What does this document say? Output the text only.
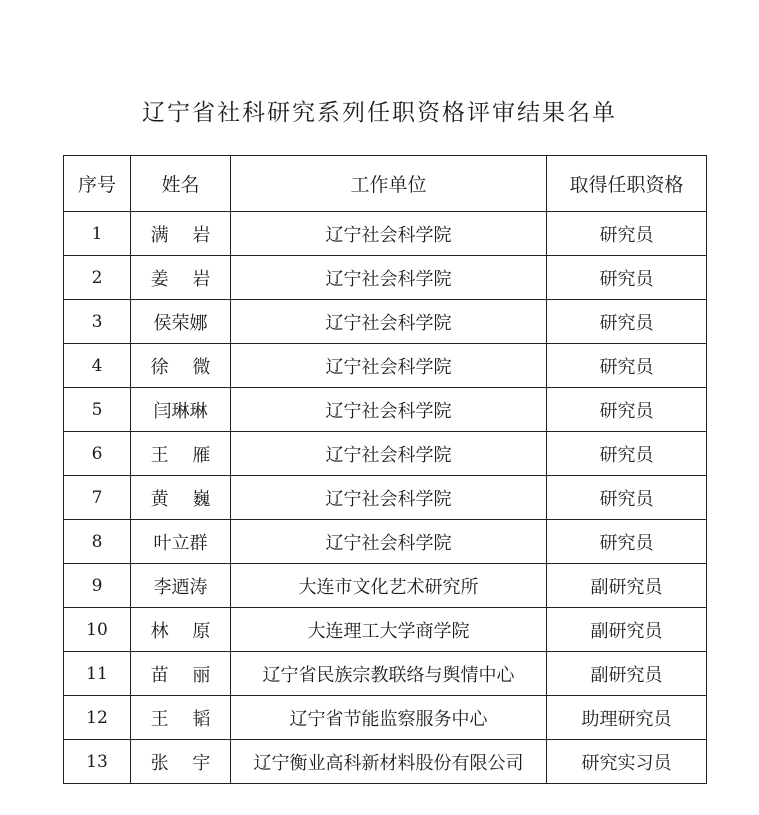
辽宁省社科研究系列任职资格评审结果名单
序号	姓名	工作单位	取得任职资格
1	满 岩	辽宁社会科学院	研究员
2	姜 岩	辽宁社会科学院	研究员
3	侯荣娜	辽宁社会科学院	研究员
4	徐 微	辽宁社会科学院	研究员
5	闫琳琳	辽宁社会科学院	研究员
6	王 雁	辽宁社会科学院	研究员
7	黄 巍	辽宁社会科学院	研究员
8	叶立群	辽宁社会科学院	研究员
9	李迺涛	大连市文化艺术研究所	副研究员
10	林 原	大连理工大学商学院	副研究员
11	苗 丽	辽宁省民族宗教联络与舆情中心	副研究员
12	王 韬	辽宁省节能监察服务中心	助理研究员
13	张 宇	辽宁衡业高科新材料股份有限公司	研究实习员
